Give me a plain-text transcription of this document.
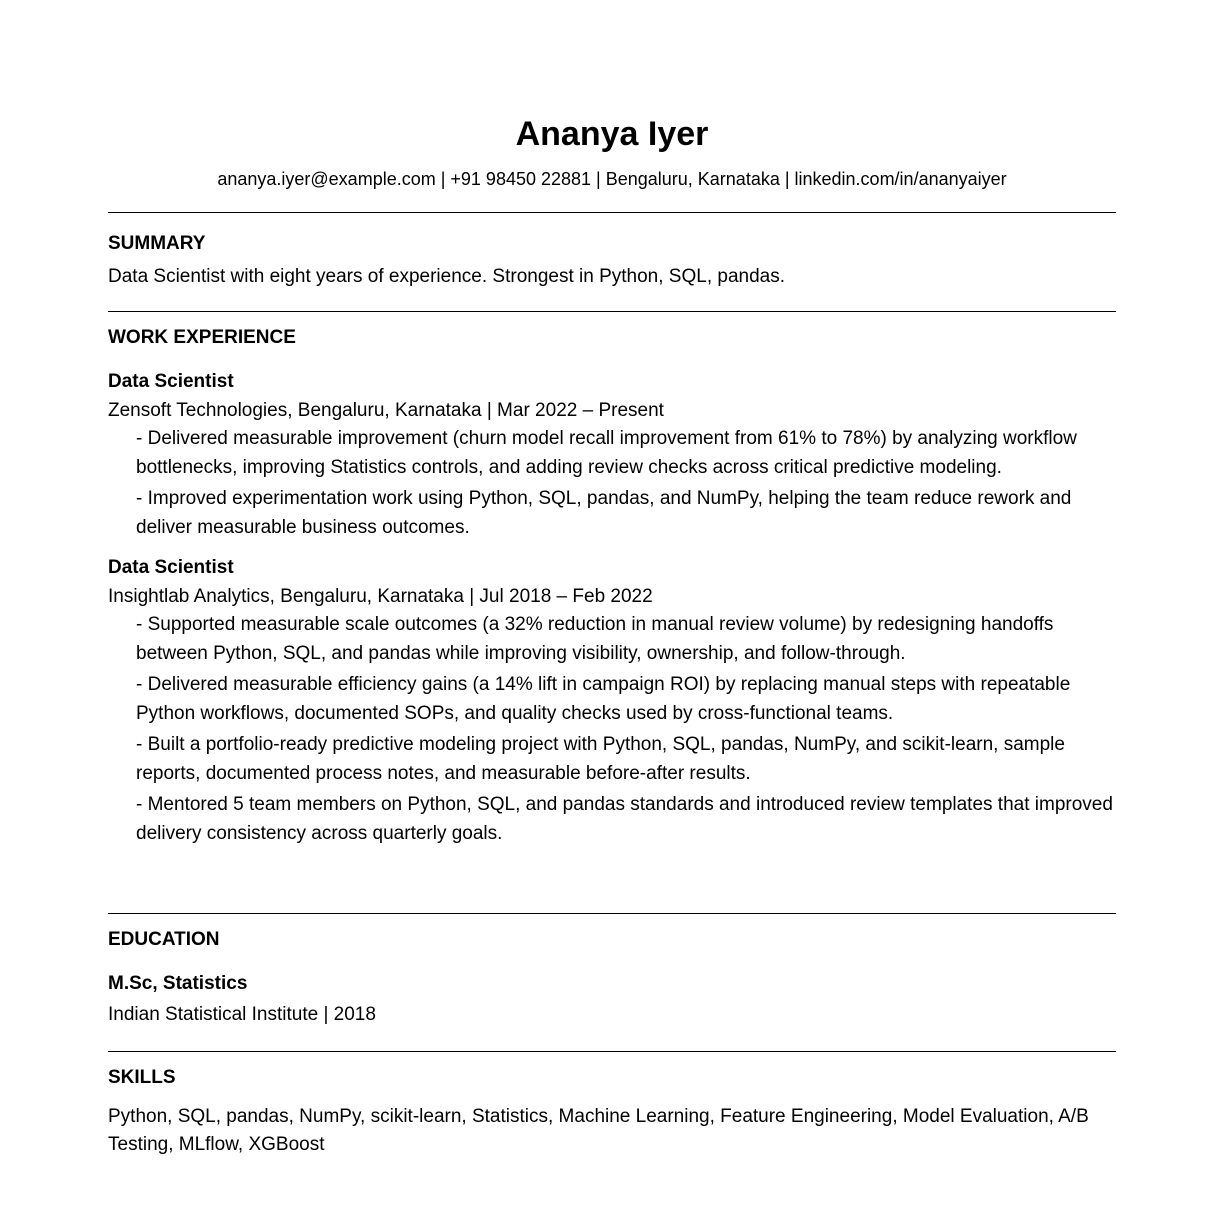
Ananya Iyer
ananya.iyer@example.com | +91 98450 22881 | Bengaluru, Karnataka | linkedin.com/in/ananyaiyer
SUMMARY

Data Scientist with eight years of experience. Strongest in Python, SQL, pandas.

WORK EXPERIENCE
Data Scientist

Zensoft Technologies, Bengaluru, Karnataka | Mar 2022 – Present

- Delivered measurable improvement (churn model recall improvement from 61% to 78%) by analyzing workflow bottlenecks, improving Statistics controls, and adding review checks across critical predictive modeling.
- Improved experimentation work using Python, SQL, pandas, and NumPy, helping the team reduce rework and deliver measurable business outcomes.
Data Scientist

Insightlab Analytics, Bengaluru, Karnataka | Jul 2018 – Feb 2022

- Supported measurable scale outcomes (a 32% reduction in manual review volume) by redesigning handoffs between Python, SQL, and pandas while improving visibility, ownership, and follow-through.
- Delivered measurable efficiency gains (a 14% lift in campaign ROI) by replacing manual steps with repeatable Python workflows, documented SOPs, and quality checks used by cross-functional teams.
- Built a portfolio-ready predictive modeling project with Python, SQL, pandas, NumPy, and scikit-learn, sample reports, documented process notes, and measurable before-after results.
- Mentored 5 team members on Python, SQL, and pandas standards and introduced review templates that improved delivery consistency across quarterly goals.
EDUCATION
M.Sc, Statistics

Indian Statistical Institute | 2018

SKILLS

Python, SQL, pandas, NumPy, scikit-learn, Statistics, Machine Learning, Feature Engineering, Model Evaluation, A/B Testing, MLflow, XGBoost
